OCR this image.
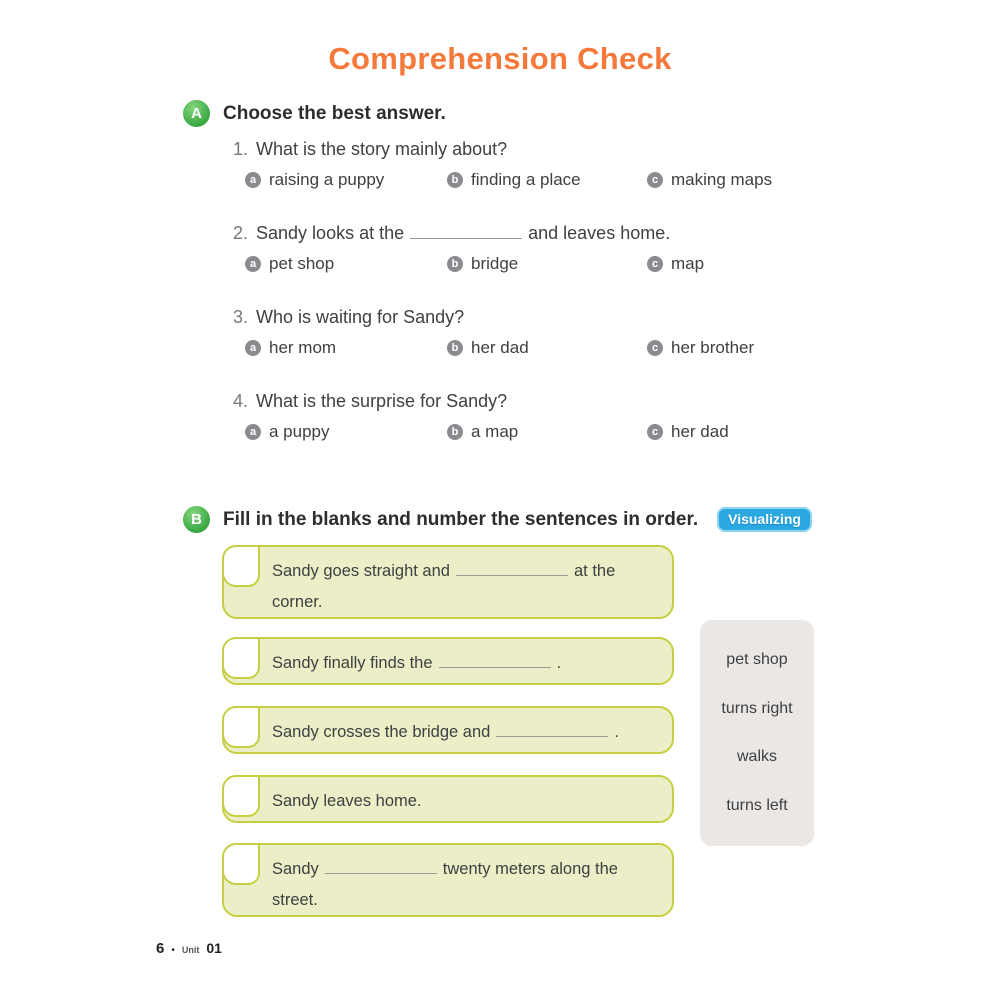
Comprehension Check
A	Choose the best answer.
1. What is the story mainly about?
a raising a puppy	b finding a place	c making maps
2. Sandy looks at the	and leaves home.
a pet shop	b bridge	c map
3. Who is waiting for Sandy?
a her mom	b her dad	c her brother
4. What is the surprise for Sandy?
a a puppy	b a map	c her dad
B	Fill in the blanks and number the sentences in order.	Visualizing
Sandy goes straight and	at the corner.
Sandy finally finds the	.
Sandy crosses the bridge and	.
Sandy leaves home.
Sandy	twenty meters along the street.
pet shop
turns right
walks
turns left
6 • Unit 01
